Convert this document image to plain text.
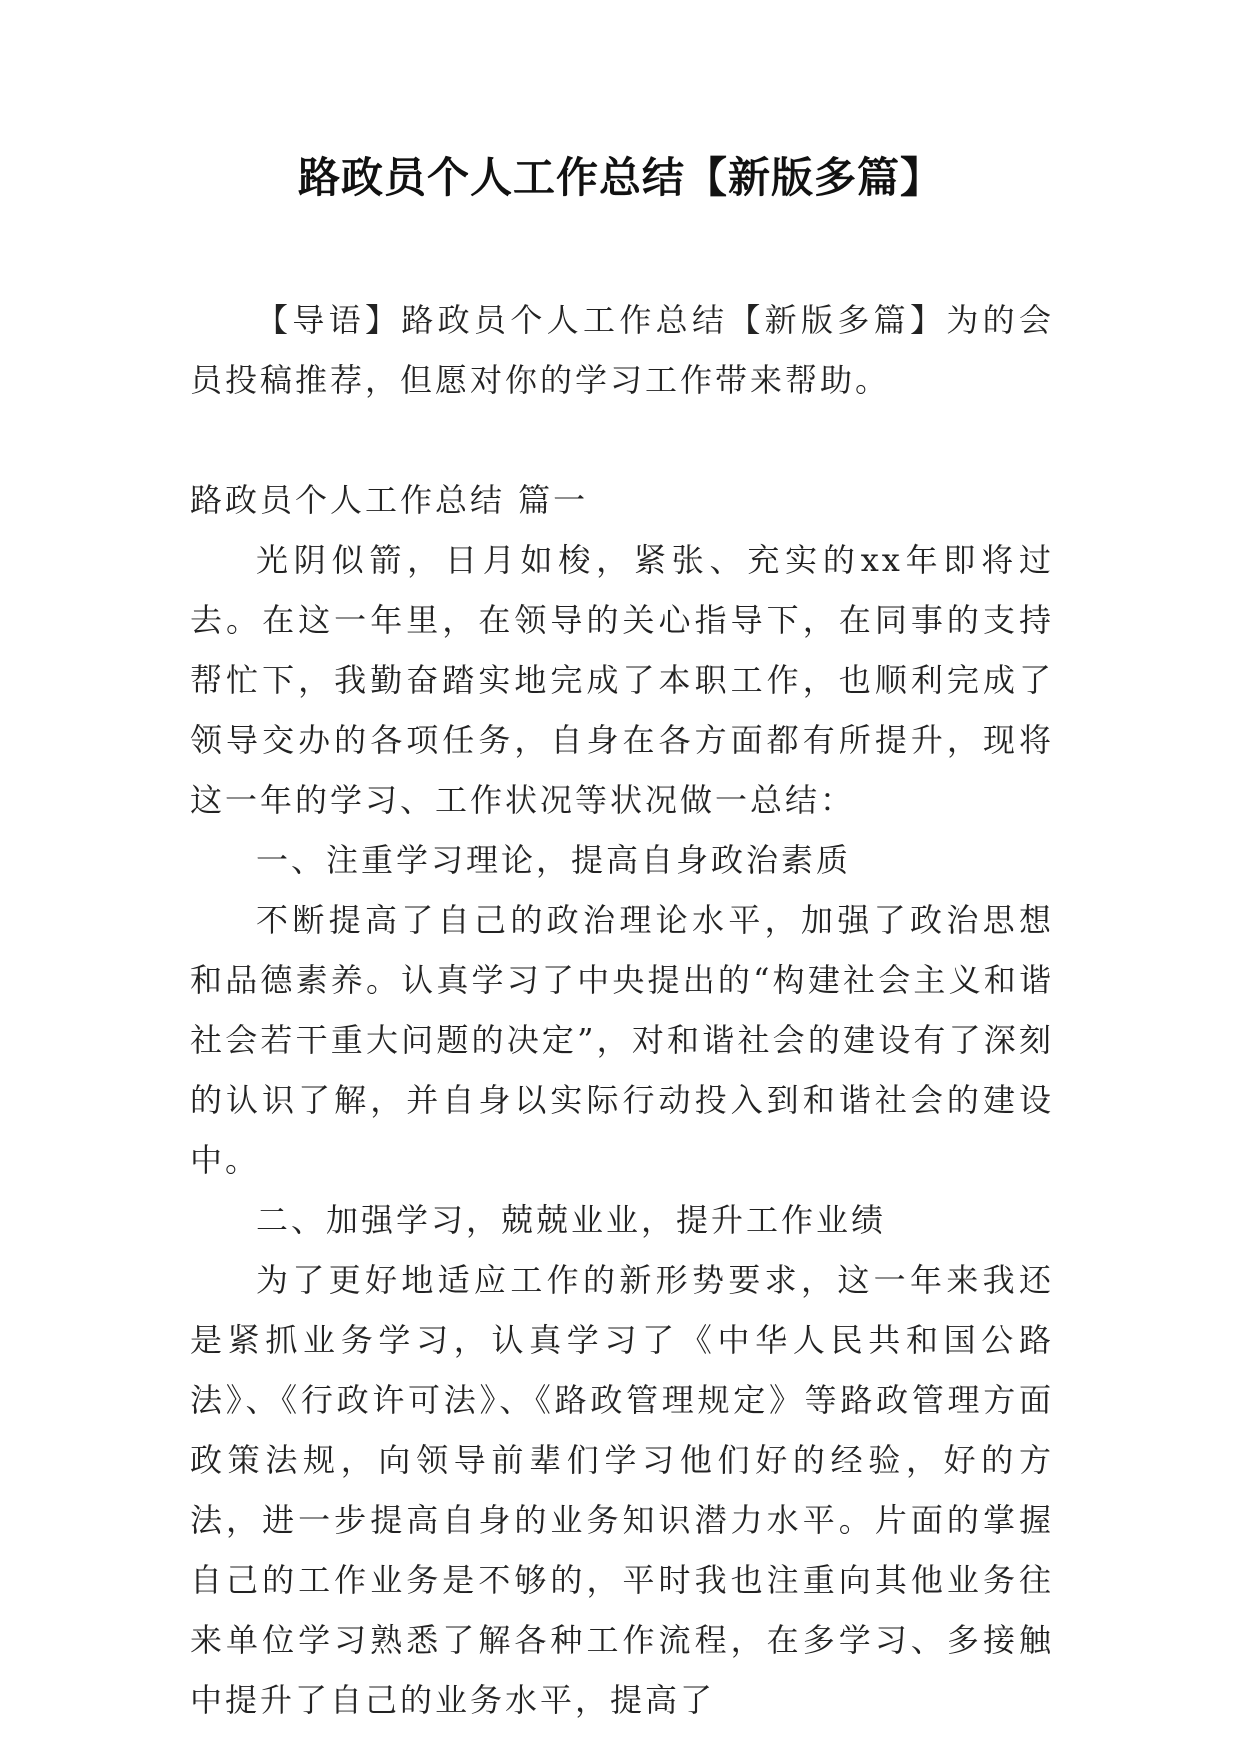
路政员个人工作总结【新版多篇】

【导语】路政员个人工作总结【新版多篇】为的会员投稿推荐，但愿对你的学习工作带来帮助。

路政员个人工作总结 篇一

光阴似箭，日月如梭，紧张、充实的xx年即将过去。在这一年里，在领导的关心指导下，在同事的支持帮忙下，我勤奋踏实地完成了本职工作，也顺利完成了领导交办的各项任务，自身在各方面都有所提升，现将这一年的学习、工作状况等状况做一总结：

一、注重学习理论，提高自身政治素质

不断提高了自己的政治理论水平，加强了政治思想和品德素养。认真学习了中央提出的“构建社会主义和谐社会若干重大问题的决定”，对和谐社会的建设有了深刻的认识了解，并自身以实际行动投入到和谐社会的建设中。

二、加强学习，兢兢业业，提升工作业绩

为了更好地适应工作的新形势要求，这一年来我还是紧抓业务学习，认真学习了《中华人民共和国公路法》、《行政许可法》、《路政管理规定》等路政管理方面政策法规，向领导前辈们学习他们好的经验，好的方法，进一步提高自身的业务知识潜力水平。片面的掌握自己的工作业务是不够的，平时我也注重向其他业务往来单位学习熟悉了解各种工作流程，在多学习、多接触中提升了自己的业务水平，提高了
